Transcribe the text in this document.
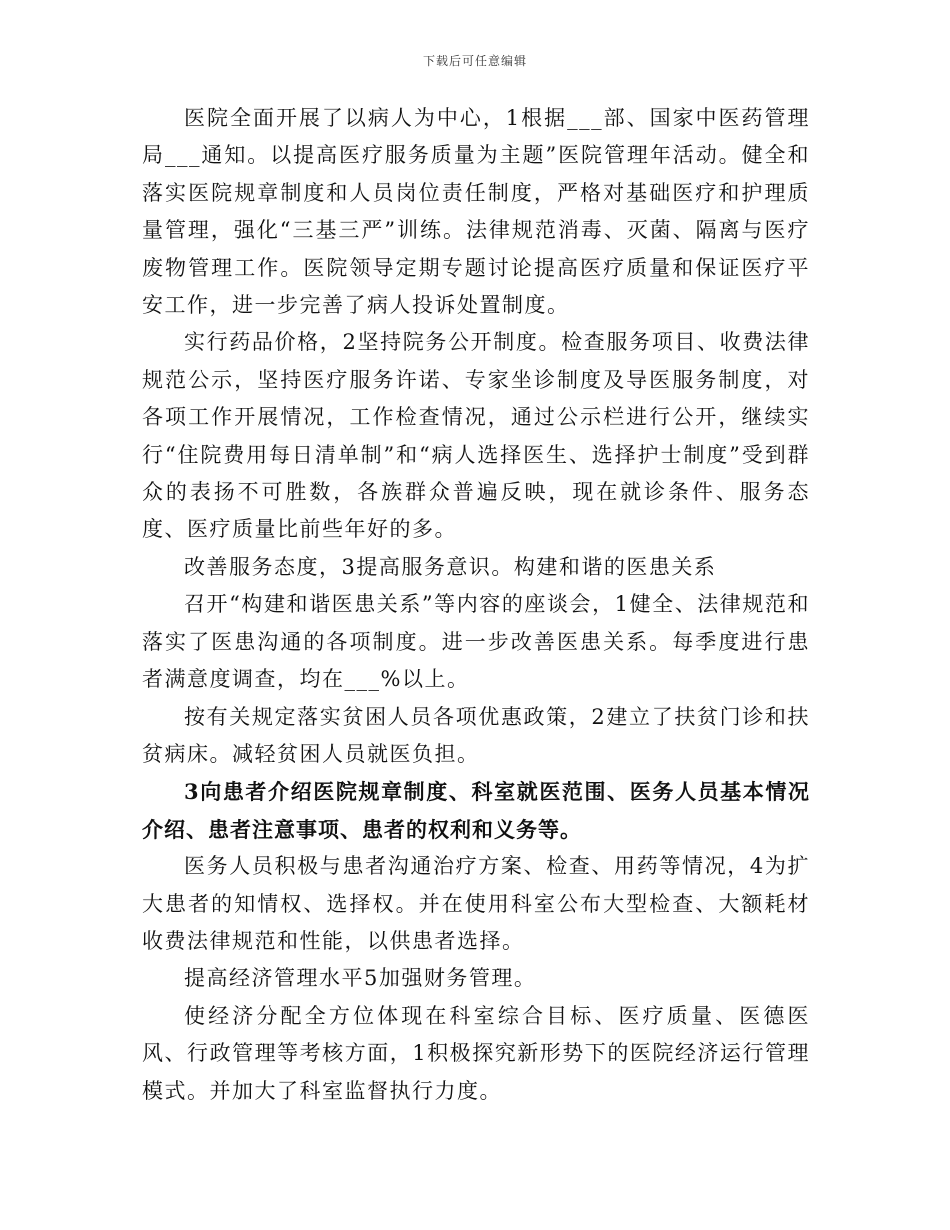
下载后可任意编辑

医院全面开展了以病人为中心，1根据___部、国家中医药管理局___通知。以提高医疗服务质量为主题”医院管理年活动。健全和落实医院规章制度和人员岗位责任制度，严格对基础医疗和护理质量管理，强化“三基三严”训练。法律规范消毒、灭菌、隔离与医疗废物管理工作。医院领导定期专题讨论提高医疗质量和保证医疗平安工作，进一步完善了病人投诉处置制度。

实行药品价格，2坚持院务公开制度。检查服务项目、收费法律规范公示，坚持医疗服务许诺、专家坐诊制度及导医服务制度，对各项工作开展情况，工作检查情况，通过公示栏进行公开，继续实行“住院费用每日清单制”和“病人选择医生、选择护士制度”受到群众的表扬不可胜数，各族群众普遍反映，现在就诊条件、服务态度、医疗质量比前些年好的多。

改善服务态度，3提高服务意识。构建和谐的医患关系

召开“构建和谐医患关系”等内容的座谈会，1健全、法律规范和落实了医患沟通的各项制度。进一步改善医患关系。每季度进行患者满意度调查，均在___%以上。

按有关规定落实贫困人员各项优惠政策，2建立了扶贫门诊和扶贫病床。减轻贫困人员就医负担。

3向患者介绍医院规章制度、科室就医范围、医务人员基本情况介绍、患者注意事项、患者的权利和义务等。

医务人员积极与患者沟通治疗方案、检查、用药等情况，4为扩大患者的知情权、选择权。并在使用科室公布大型检查、大额耗材收费法律规范和性能，以供患者选择。

提高经济管理水平5加强财务管理。

使经济分配全方位体现在科室综合目标、医疗质量、医德医风、行政管理等考核方面，1积极探究新形势下的医院经济运行管理模式。并加大了科室监督执行力度。
